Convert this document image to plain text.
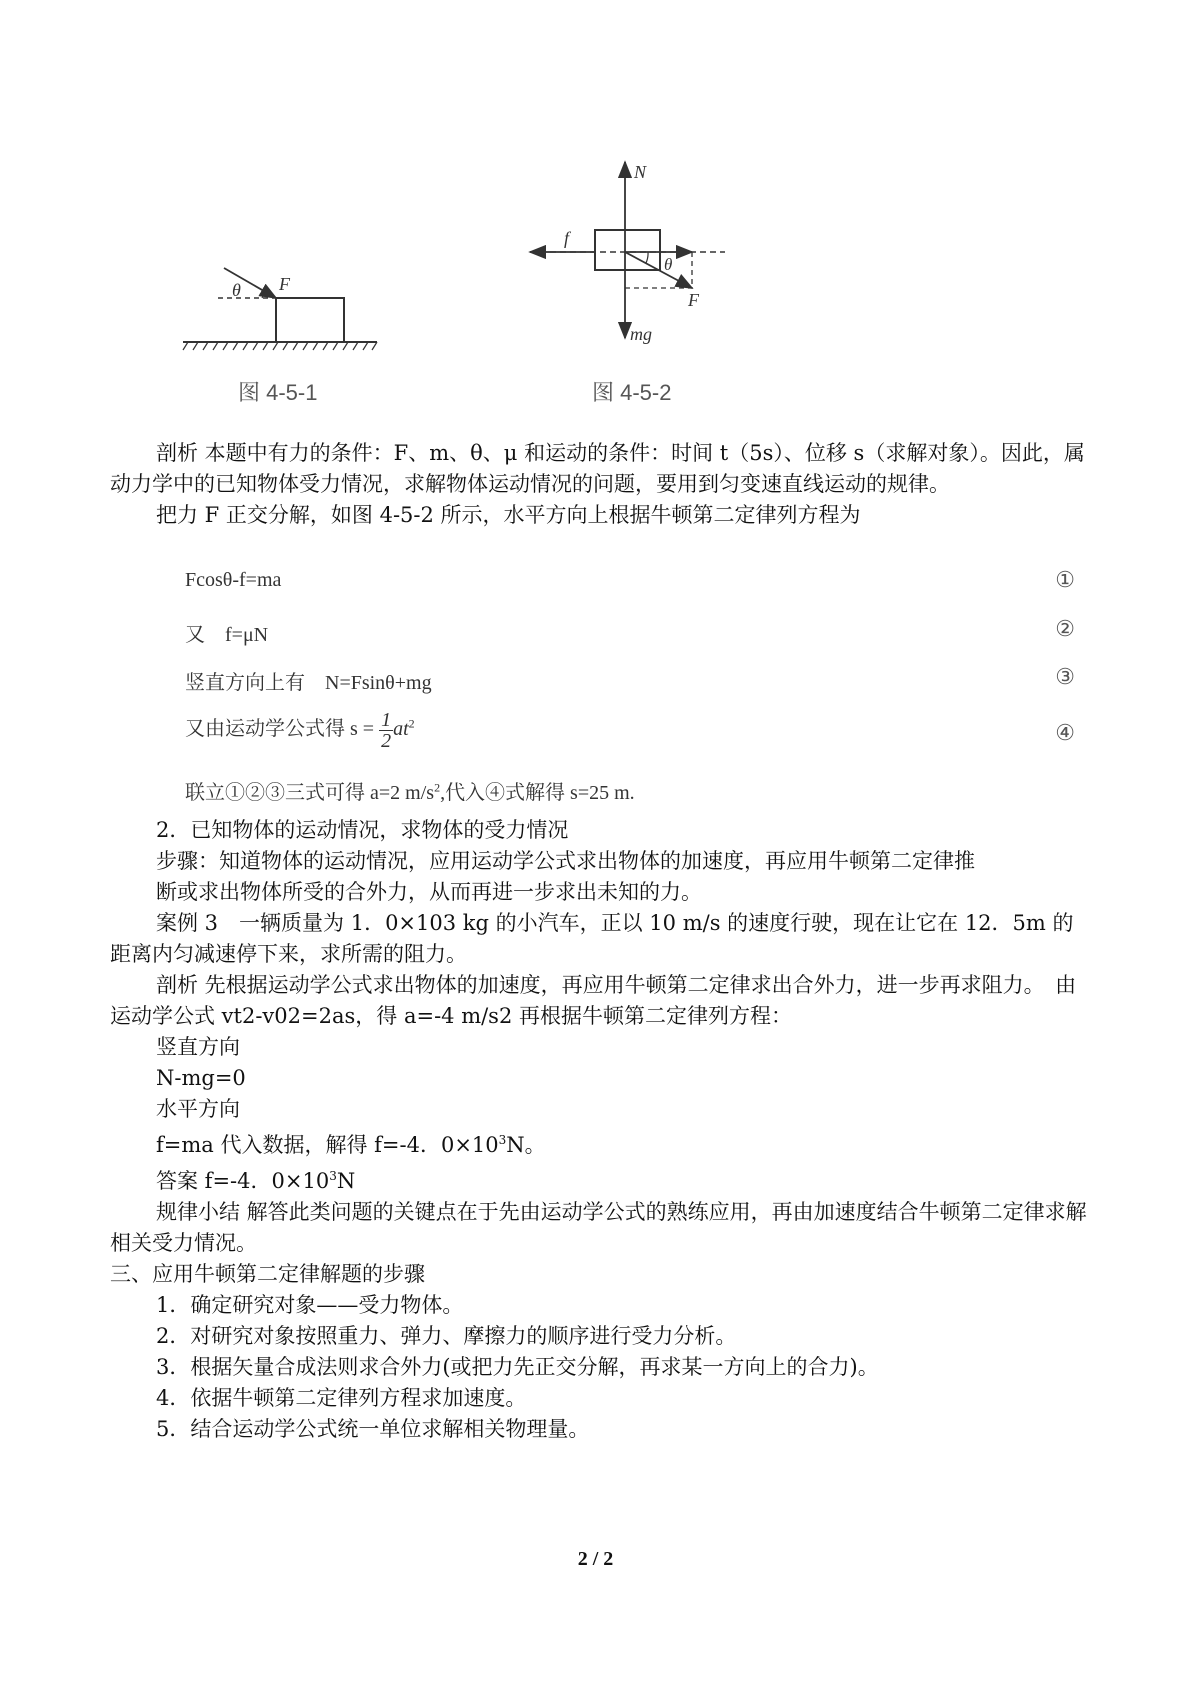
θ F
图 4-5-1
N
f
θ
F
mg
图 4-5-2

剖析 本题中有力的条件：F、m、θ、μ 和运动的条件：时间 t（5s）、位移 s（求解对象）。因此，属动力学中的已知物体受力情况，求解物体运动情况的问题，要用到匀变速直线运动的规律。

把力 F 正交分解，如图 4-5-2 所示，水平方向上根据牛顿第二定律列方程为

Fcosθ-f=ma	①
又    f=μN	②
竖直方向上有    N=Fsinθ+mg	③
又由运动学公式得 $s = \frac{1}{2} at^2$	④
联立①②③三式可得 a=2 $m/s^2$,代入④式解得 s=25 m.

2．已知物体的运动情况，求物体的受力情况

步骤：知道物体的运动情况，应用运动学公式求出物体的加速度，再应用牛顿第二定律推

断或求出物体所受的合外力，从而再进一步求出未知的力。

案例 3　一辆质量为 1．0×103 kg 的小汽车，正以 10 m/s 的速度行驶，现在让它在 12．5m 的距离内匀减速停下来，求所需的阻力。

剖析 先根据运动学公式求出物体的加速度，再应用牛顿第二定律求出合外力，进一步再求阻力。　由运动学公式 vt2-v02=2as，得 a=-4 m/s2 再根据牛顿第二定律列方程：

竖直方向

N-mg=0

水平方向

f=ma 代入数据，解得 f=-4．$0\times 10^3N$。

答案 f=-4．$0\times 10^3N$

规律小结 解答此类问题的关键点在于先由运动学公式的熟练应用，再由加速度结合牛顿第二定律求解相关受力情况。

三、应用牛顿第二定律解题的步骤

1．确定研究对象——受力物体。

2．对研究对象按照重力、弹力、摩擦力的顺序进行受力分析。

3．根据矢量合成法则求合外力(或把力先正交分解，再求某一方向上的合力)。

4．依据牛顿第二定律列方程求加速度。

5．结合运动学公式统一单位求解相关物理量。

2 / 2
